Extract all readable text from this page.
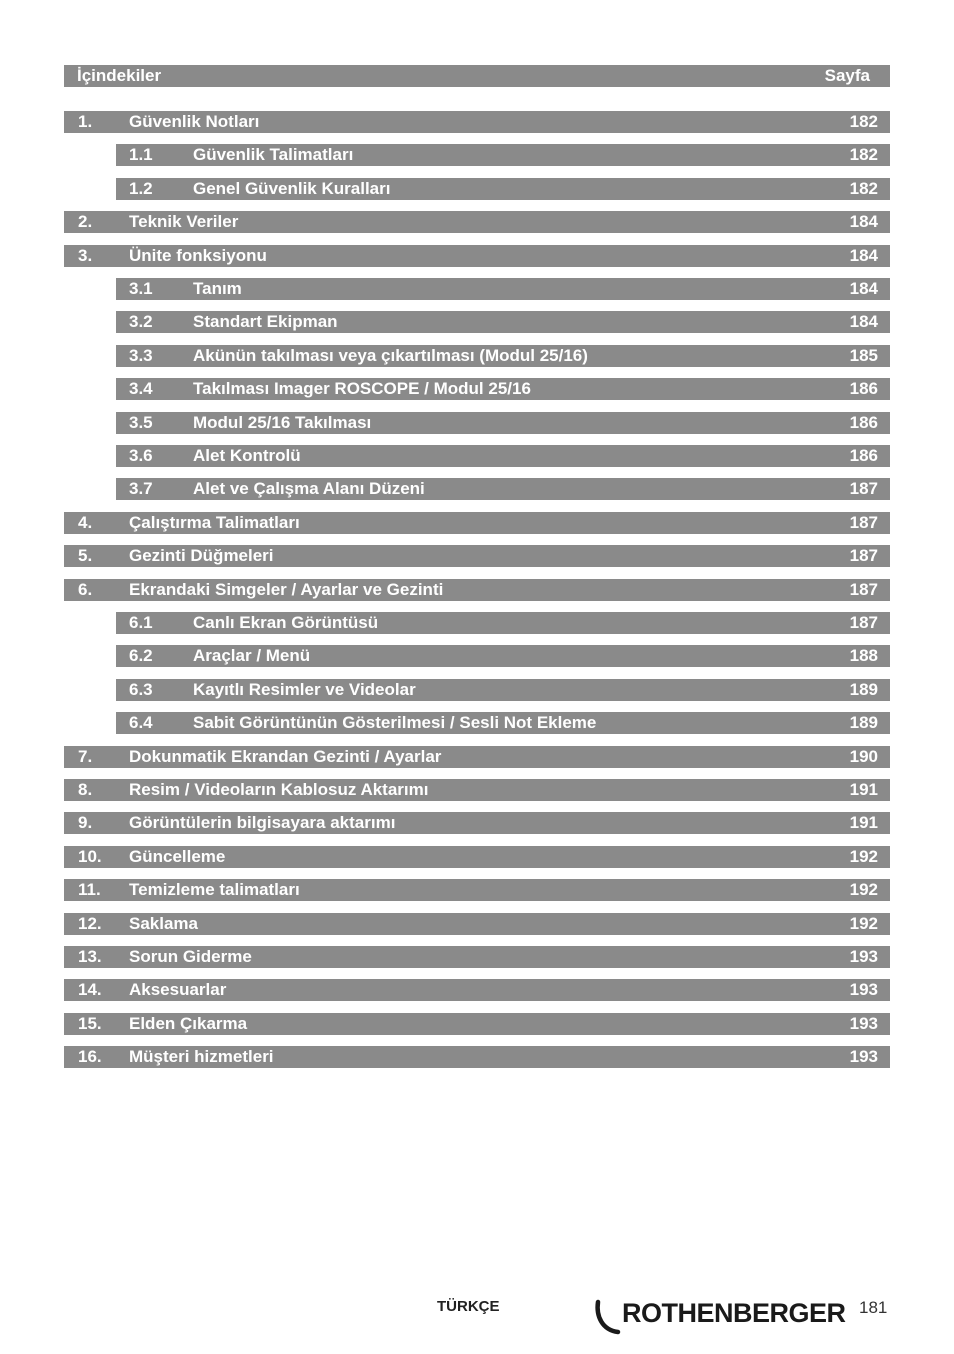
İçindekiler	Sayfa
1. Güvenlik Notları	182
1.1 Güvenlik Talimatları	182
1.2 Genel Güvenlik Kuralları	182
2. Teknik Veriler	184
3. Ünite fonksiyonu	184
3.1 Tanım	184
3.2 Standart Ekipman	184
3.3 Akünün takılması veya çıkartılması (Modul 25/16)	185
3.4 Takılması Imager ROSCOPE / Modul 25/16	186
3.5 Modul 25/16 Takılması	186
3.6 Alet Kontrolü	186
3.7 Alet ve Çalışma Alanı Düzeni	187
4. Çalıştırma Talimatları	187
5. Gezinti Düğmeleri	187
6. Ekrandaki Simgeler / Ayarlar ve Gezinti	187
6.1 Canlı Ekran Görüntüsü	187
6.2 Araçlar / Menü	188
6.3 Kayıtlı Resimler ve Videolar	189
6.4 Sabit Görüntünün Gösterilmesi / Sesli Not Ekleme	189
7. Dokunmatik Ekrandan Gezinti / Ayarlar	190
8. Resim / Videoların Kablosuz Aktarımı	191
9. Görüntülerin bilgisayara aktarımı	191
10. Güncelleme	192
11. Temizleme talimatları	192
12. Saklama	192
13. Sorun Giderme	193
14. Aksesuarlar	193
15. Elden Çıkarma	193
16. Müşteri hizmetleri	193
TÜRKÇE	ROTHENBERGER 181
